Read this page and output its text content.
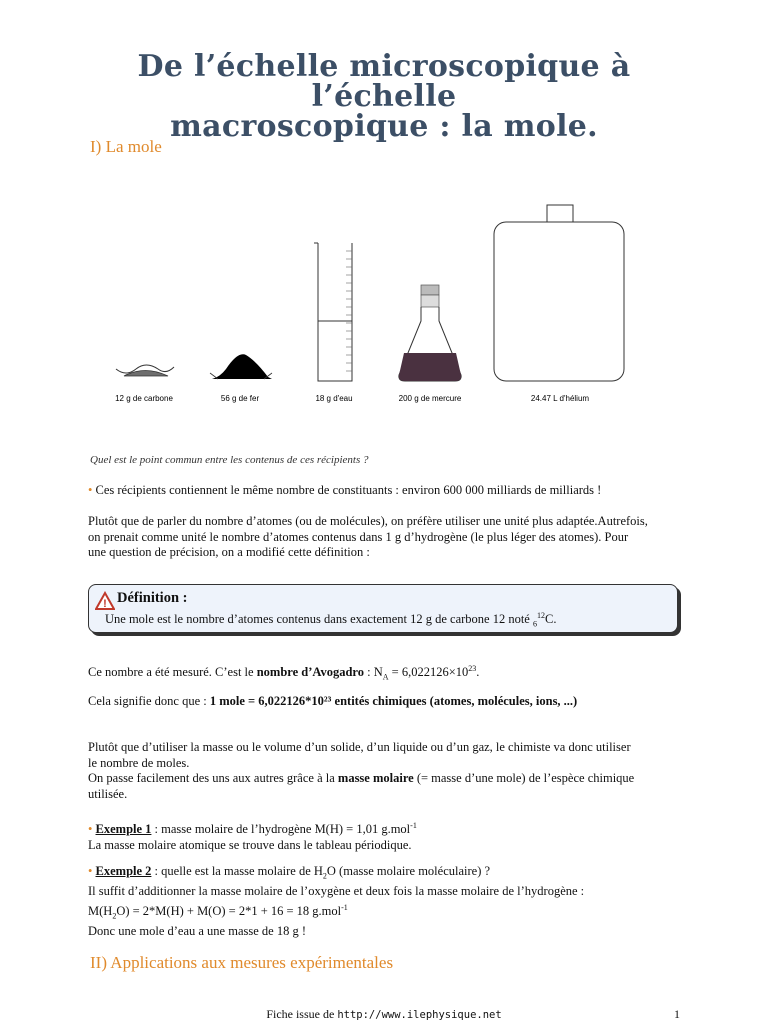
De l’échelle microscopique à l’échelle
macroscopique : la mole.
I) La mole
12 g de carbone	56 g de fer	18 g d'eau	200 g de mercure	24.47 L d'hélium
Quel est le point commun entre les contenus de ces récipients ?
• Ces récipients contiennent le même nombre de constituants : environ 600 000 milliards de milliards !
Plutôt que de parler du nombre d’atomes (ou de molécules), on préfère utiliser une unité plus adaptée.Autrefois,
on prenait comme unité le nombre d’atomes contenus dans 1 g d’hydrogène (le plus léger des atomes). Pour
une question de précision, on a modifié cette définition :
! Définition :
Une mole est le nombre d’atomes contenus dans exactement 12 g de carbone 12 noté $_6^{12}$C.
Ce nombre a été mesuré. C’est le nombre d’Avogadro : $N_A = 6,022126\times 10^{23}$.
Cela signifie donc que : 1 mole = 6,022126*10²³ entités chimiques (atomes, molécules, ions, ...)
Plutôt que d’utiliser la masse ou le volume d’un solide, d’un liquide ou d’un gaz, le chimiste va donc utiliser
le nombre de moles.
On passe facilement des uns aux autres grâce à la masse molaire (= masse d’une mole) de l’espèce chimique
utilisée.
• Exemple 1 : masse molaire de l’hydrogène M(H) = 1,01 g.mol$^{-1}$
La masse molaire atomique se trouve dans le tableau périodique.
• Exemple 2 : quelle est la masse molaire de $H_2O$ (masse molaire moléculaire) ?
Il suffit d’additionner la masse molaire de l’oxygène et deux fois la masse molaire de l’hydrogène :
$M(H_2O) = 2*M(H) + M(O) = 2*1 + 16 = 18$ g.mol$^{-1}$
Donc une mole d’eau a une masse de 18 g !
II) Applications aux mesures expérimentales
Fiche issue de http://www.ilephysique.net	1
